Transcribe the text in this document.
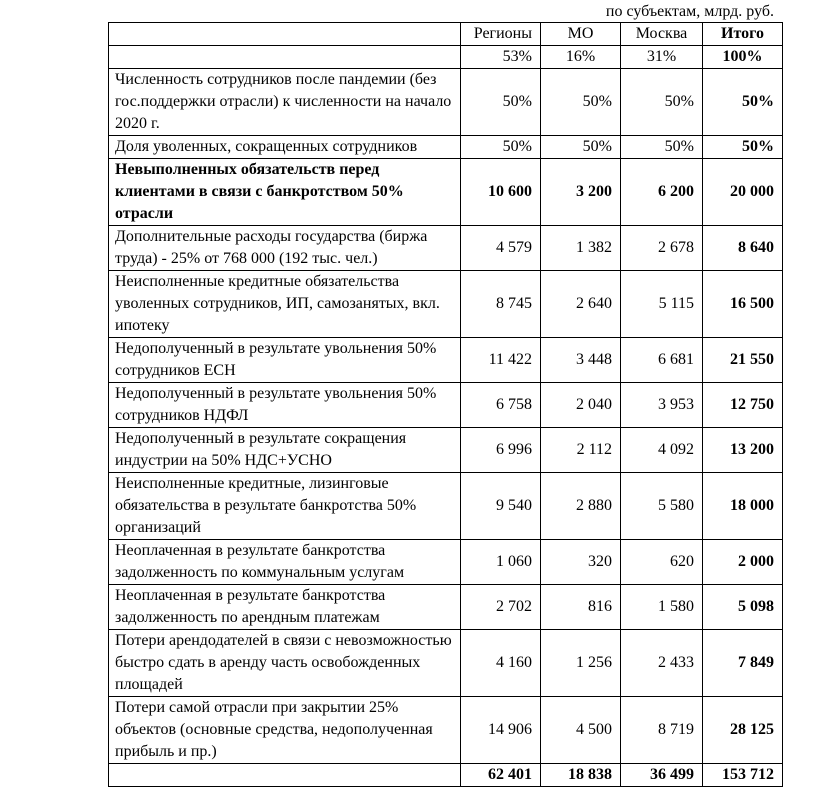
по субъектам, млрд. руб.
	Регионы	МО	Москва	Итого
	53%	16%	31%	100%
Численность сотрудников после пандемии (без гос.поддержки отрасли) к численности на начало 2020 г.	50%	50%	50%	50%
Доля уволенных, сокращенных сотрудников	50%	50%	50%	50%
Невыполненных обязательств перед клиентами в связи с банкротством 50% отрасли	10 600	3 200	6 200	20 000
Дополнительные расходы государства (биржа труда) - 25% от 768 000 (192 тыс. чел.)	4 579	1 382	2 678	8 640
Неисполненные кредитные обязательства уволенных сотрудников, ИП, самозанятых, вкл. ипотеку	8 745	2 640	5 115	16 500
Недополученный в результате увольнения 50% сотрудников ЕСН	11 422	3 448	6 681	21 550
Недополученный в результате увольнения 50% сотрудников НДФЛ	6 758	2 040	3 953	12 750
Недополученный в результате сокращения индустрии на 50% НДС+УСНО	6 996	2 112	4 092	13 200
Неисполненные кредитные, лизинговые обязательства в результате банкротства 50% организаций	9 540	2 880	5 580	18 000
Неоплаченная в результате банкротства задолженность по коммунальным услугам	1 060	320	620	2 000
Неоплаченная в результате банкротства задолженность по арендным платежам	2 702	816	1 580	5 098
Потери арендодателей в связи с невозможностью быстро сдать в аренду часть освобожденных площадей	4 160	1 256	2 433	7 849
Потери самой отрасли при закрытии 25% объектов (основные средства, недополученная прибыль и пр.)	14 906	4 500	8 719	28 125
	62 401	18 838	36 499	153 712
